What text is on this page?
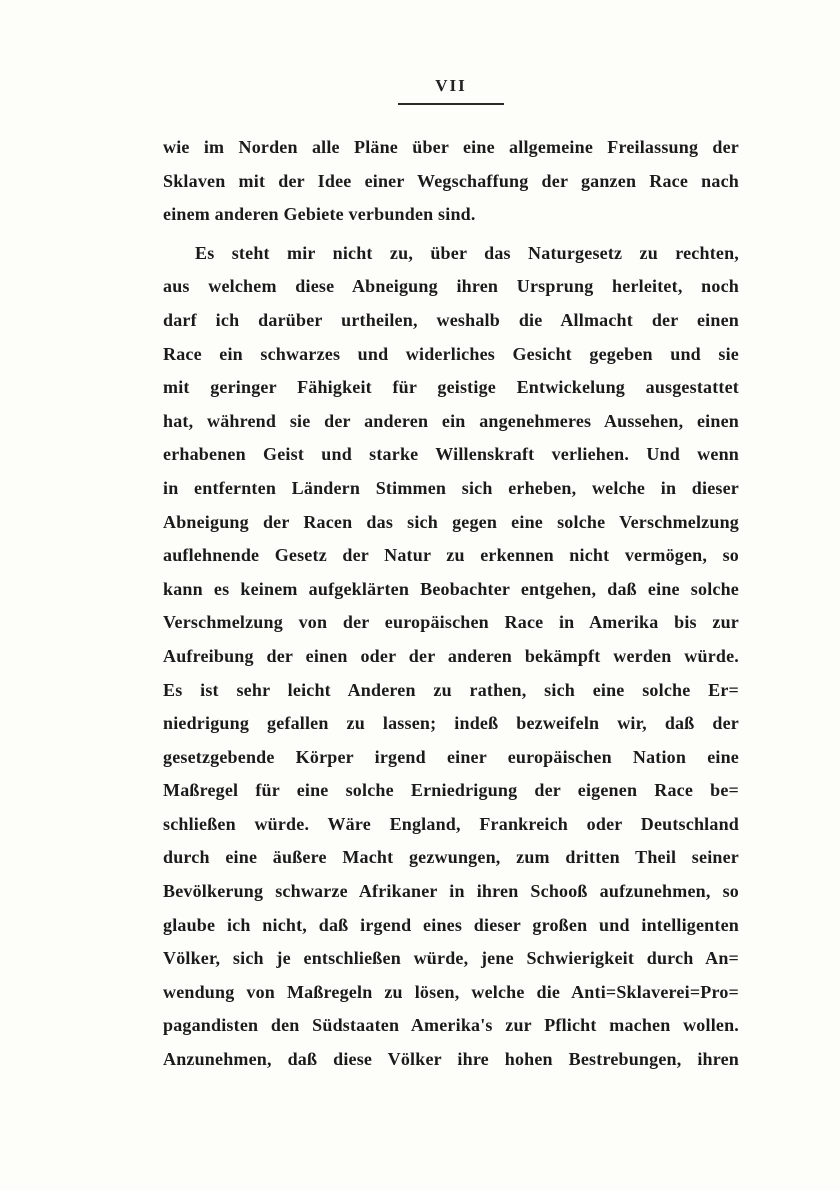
VII
wie im Norden alle Pläne über eine allgemeine Freilassung der
Sklaven mit der Idee einer Wegschaffung der ganzen Race nach
einem anderen Gebiete verbunden sind.
Es steht mir nicht zu, über das Naturgesetz zu rechten,
aus welchem diese Abneigung ihren Ursprung herleitet, noch
darf ich darüber urtheilen, weshalb die Allmacht der einen
Race ein schwarzes und widerliches Gesicht gegeben und sie
mit geringer Fähigkeit für geistige Entwickelung ausgestattet
hat, während sie der anderen ein angenehmeres Aussehen, einen
erhabenen Geist und starke Willenskraft verliehen. Und wenn
in entfernten Ländern Stimmen sich erheben, welche in dieser
Abneigung der Racen das sich gegen eine solche Verschmelzung
auflehnende Gesetz der Natur zu erkennen nicht vermögen, so
kann es keinem aufgeklärten Beobachter entgehen, daß eine solche
Verschmelzung von der europäischen Race in Amerika bis zur
Aufreibung der einen oder der anderen bekämpft werden würde.
Es ist sehr leicht Anderen zu rathen, sich eine solche Er=
niedrigung gefallen zu lassen; indeß bezweifeln wir, daß der
gesetzgebende Körper irgend einer europäischen Nation eine
Maßregel für eine solche Erniedrigung der eigenen Race be=
schließen würde. Wäre England, Frankreich oder Deutschland
durch eine äußere Macht gezwungen, zum dritten Theil seiner
Bevölkerung schwarze Afrikaner in ihren Schooß aufzunehmen, so
glaube ich nicht, daß irgend eines dieser großen und intelligenten
Völker, sich je entschließen würde, jene Schwierigkeit durch An=
wendung von Maßregeln zu lösen, welche die Anti=Sklaverei=Pro=
pagandisten den Südstaaten Amerika's zur Pflicht machen wollen.
Anzunehmen, daß diese Völker ihre hohen Bestrebungen, ihren
